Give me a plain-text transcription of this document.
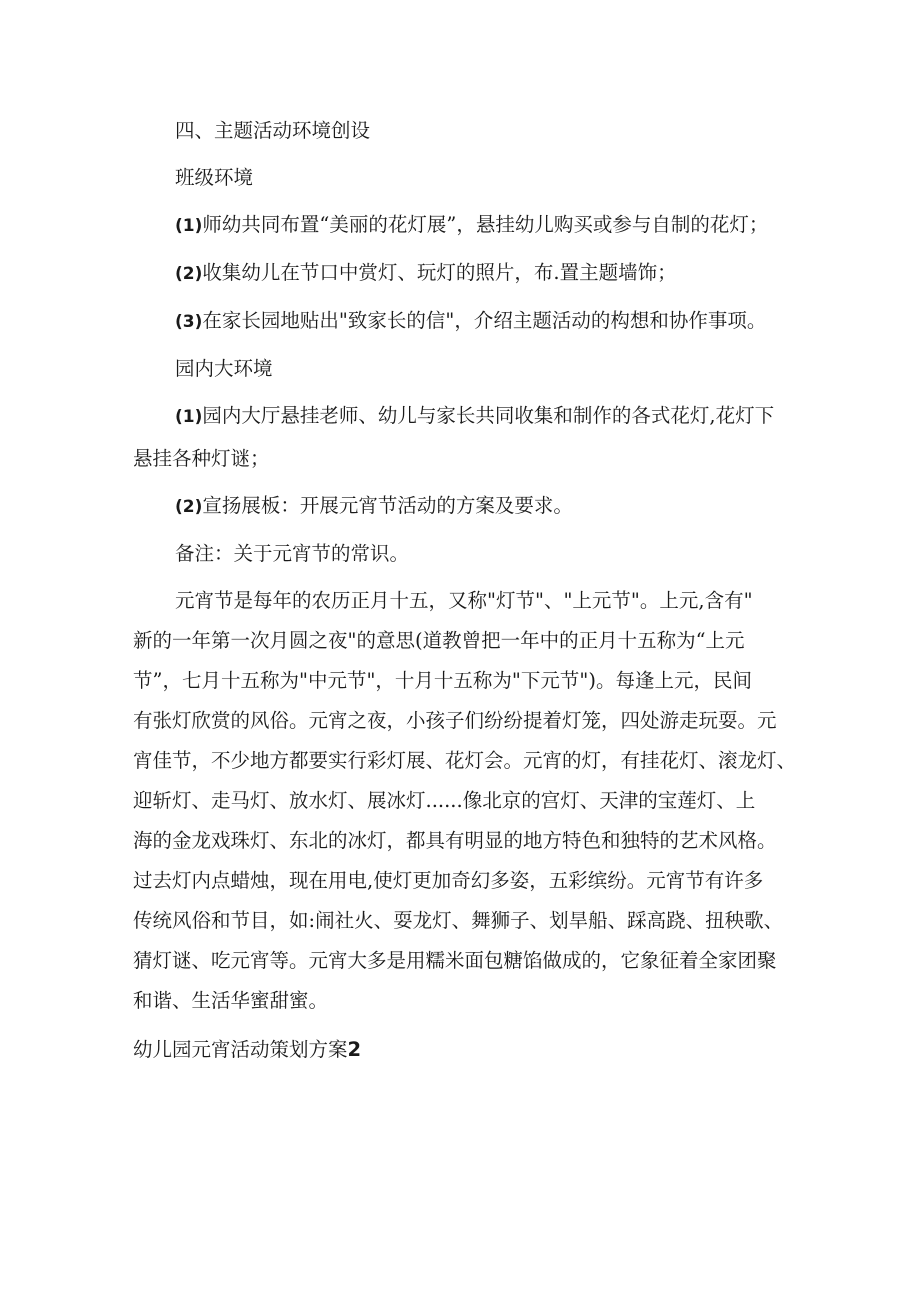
四、主题活动环境创设

班级环境

(1)师幼共同布置“美丽的花灯展”，悬挂幼儿购买或参与自制的花灯；

(2)收集幼儿在节口中赏灯、玩灯的照片，布.置主题墙饰；

(3)在家长园地贴出"致家长的信"，介绍主题活动的构想和协作事项。

园内大环境

(1)园内大厅悬挂老师、幼儿与家长共同收集和制作的各式花灯,花灯下

悬挂各种灯谜；

(2)宣扬展板：开展元宵节活动的方案及要求。

备注：关于元宵节的常识。

元宵节是每年的农历正月十五，又称"灯节"、"上元节"。上元,含有"

新的一年第一次月圆之夜"的意思(道教曾把一年中的正月十五称为“上元

节”，七月十五称为"中元节"，十月十五称为"下元节")。每逢上元，民间

有张灯欣赏的风俗。元宵之夜，小孩子们纷纷提着灯笼，四处游走玩耍。元

宵佳节，不少地方都要实行彩灯展、花灯会。元宵的灯，有挂花灯、滚龙灯、

迎斩灯、走马灯、放水灯、展冰灯......像北京的宫灯、天津的宝莲灯、上

海的金龙戏珠灯、东北的冰灯，都具有明显的地方特色和独特的艺术风格。

过去灯内点蜡烛，现在用电,使灯更加奇幻多姿，五彩缤纷。元宵节有许多

传统风俗和节目，如:闹社火、耍龙灯、舞狮子、划旱船、踩高跷、扭秧歌、

猜灯谜、吃元宵等。元宵大多是用糯米面包糖馅做成的，它象征着全家团聚

和谐、生活华蜜甜蜜。

幼儿园元宵活动策划方案2
